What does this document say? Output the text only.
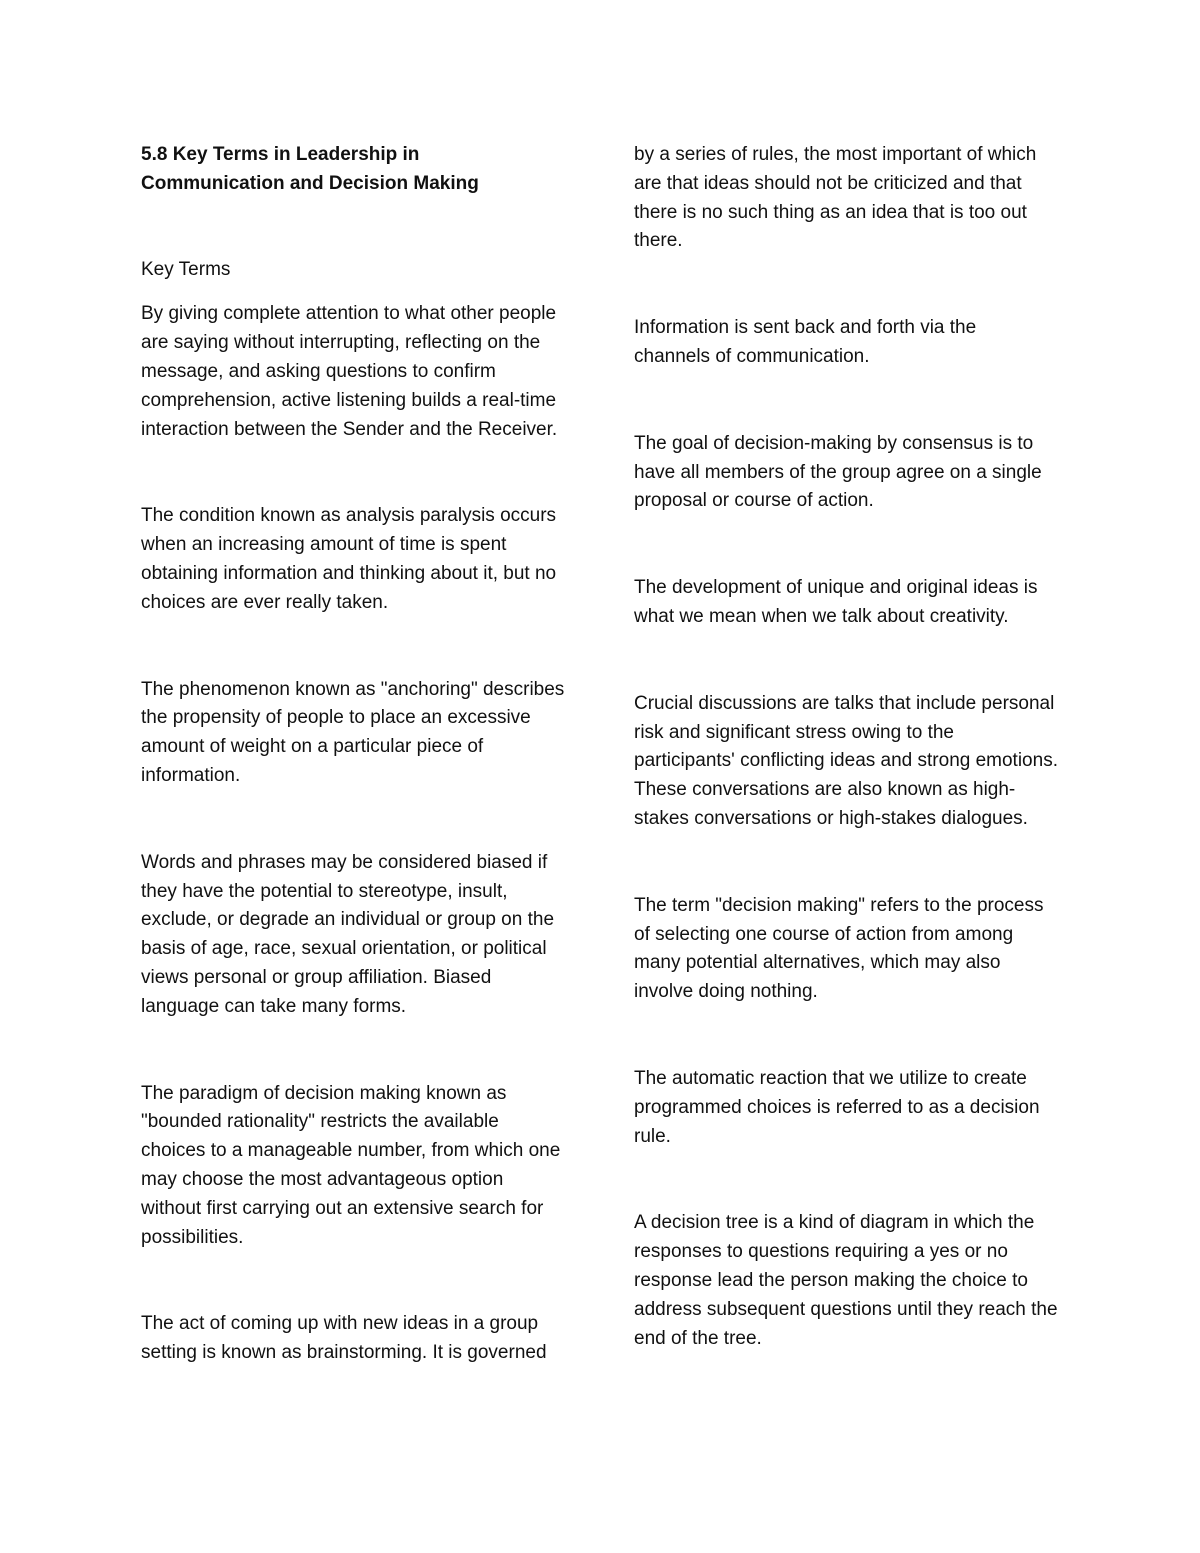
5.8 Key Terms in Leadership in Communication and Decision Making

Key Terms

By giving complete attention to what other people are saying without interrupting, reflecting on the message, and asking questions to confirm comprehension, active listening builds a real-time interaction between the Sender and the Receiver.

The condition known as analysis paralysis occurs when an increasing amount of time is spent obtaining information and thinking about it, but no choices are ever really taken.

The phenomenon known as "anchoring" describes the propensity of people to place an excessive amount of weight on a particular piece of information.

Words and phrases may be considered biased if they have the potential to stereotype, insult, exclude, or degrade an individual or group on the basis of age, race, sexual orientation, or political views personal or group affiliation. Biased language can take many forms.

The paradigm of decision making known as "bounded rationality" restricts the available choices to a manageable number, from which one may choose the most advantageous option without first carrying out an extensive search for possibilities.

The act of coming up with new ideas in a group setting is known as brainstorming. It is governed

by a series of rules, the most important of which are that ideas should not be criticized and that there is no such thing as an idea that is too out there.

Information is sent back and forth via the channels of communication.

The goal of decision-making by consensus is to have all members of the group agree on a single proposal or course of action.

The development of unique and original ideas is what we mean when we talk about creativity.

Crucial discussions are talks that include personal risk and significant stress owing to the participants' conflicting ideas and strong emotions. These conversations are also known as high-stakes conversations or high-stakes dialogues.

The term "decision making" refers to the process of selecting one course of action from among many potential alternatives, which may also involve doing nothing.

The automatic reaction that we utilize to create programmed choices is referred to as a decision rule.

A decision tree is a kind of diagram in which the responses to questions requiring a yes or no response lead the person making the choice to address subsequent questions until they reach the end of the tree.
